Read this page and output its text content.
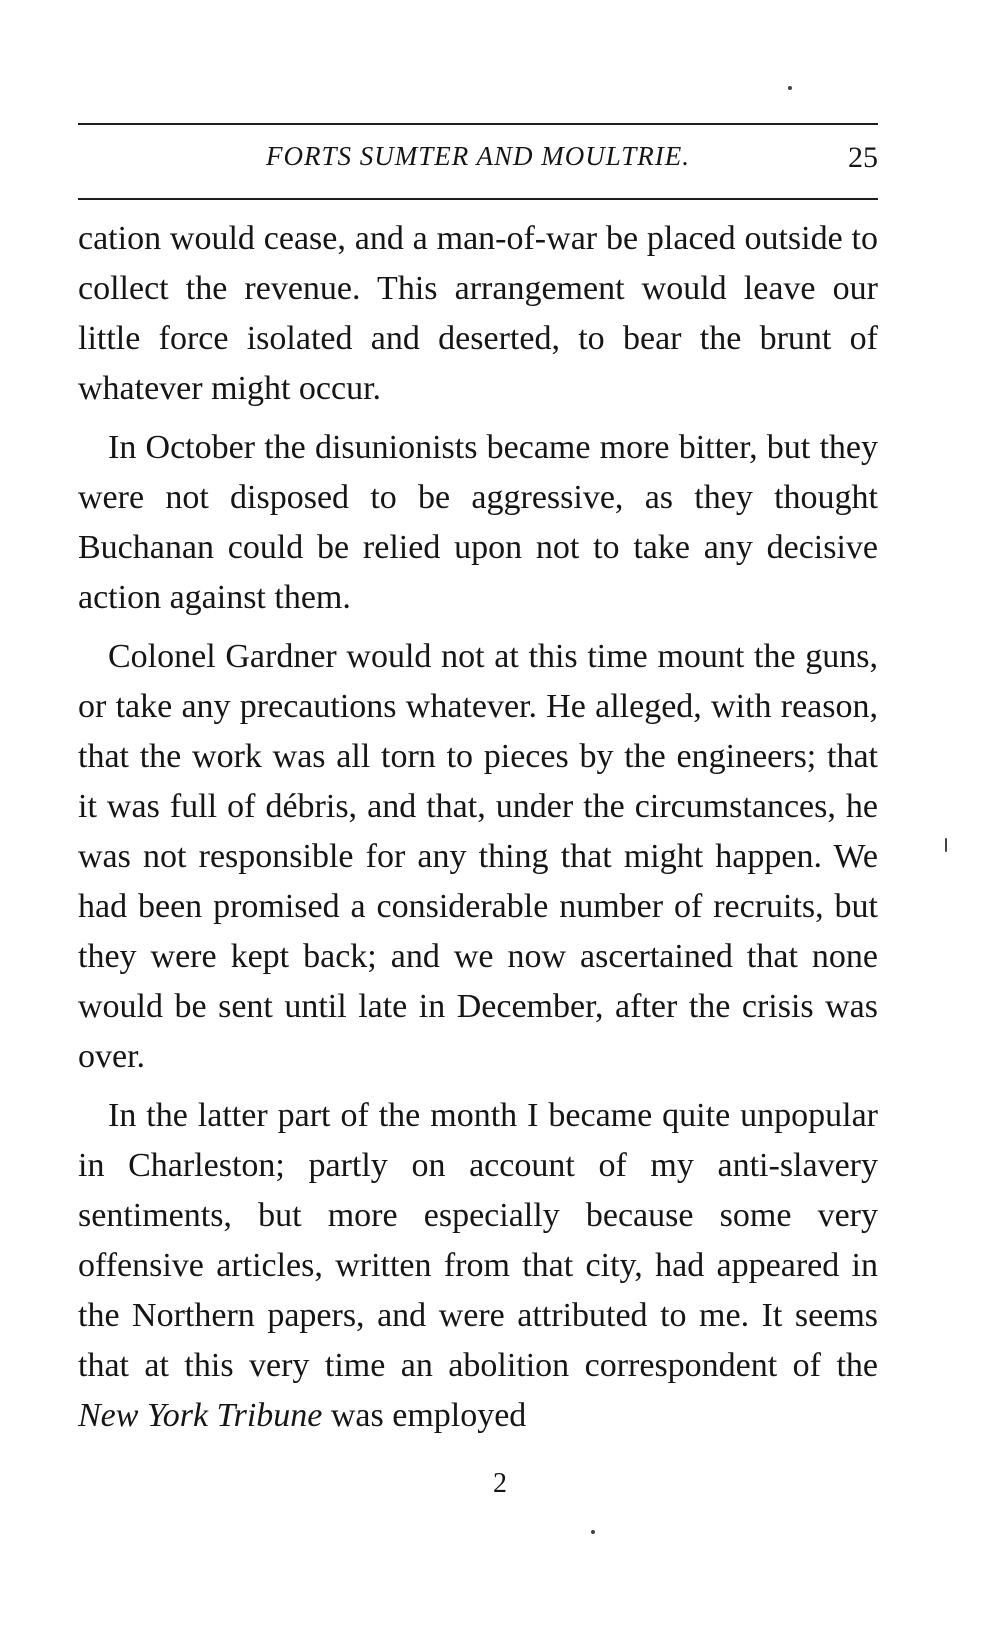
FORTS SUMTER AND MOULTRIE.	25

cation would cease, and a man-of-war be placed outside to collect the revenue. This arrangement would leave our little force isolated and deserted, to bear the brunt of whatever might occur.

In October the disunionists became more bitter, but they were not disposed to be aggressive, as they thought Buchanan could be relied upon not to take any decisive action against them.

Colonel Gardner would not at this time mount the guns, or take any precautions whatever. He alleged, with reason, that the work was all torn to pieces by the engineers; that it was full of débris, and that, under the circumstances, he was not responsible for any thing that might happen. We had been promised a considerable number of recruits, but they were kept back; and we now ascertained that none would be sent until late in December, after the crisis was over.

In the latter part of the month I became quite unpopular in Charleston; partly on account of my anti-slavery sentiments, but more especially because some very offensive articles, written from that city, had appeared in the Northern papers, and were attributed to me. It seems that at this very time an abolition correspondent of the New York Tribune was employed

2
